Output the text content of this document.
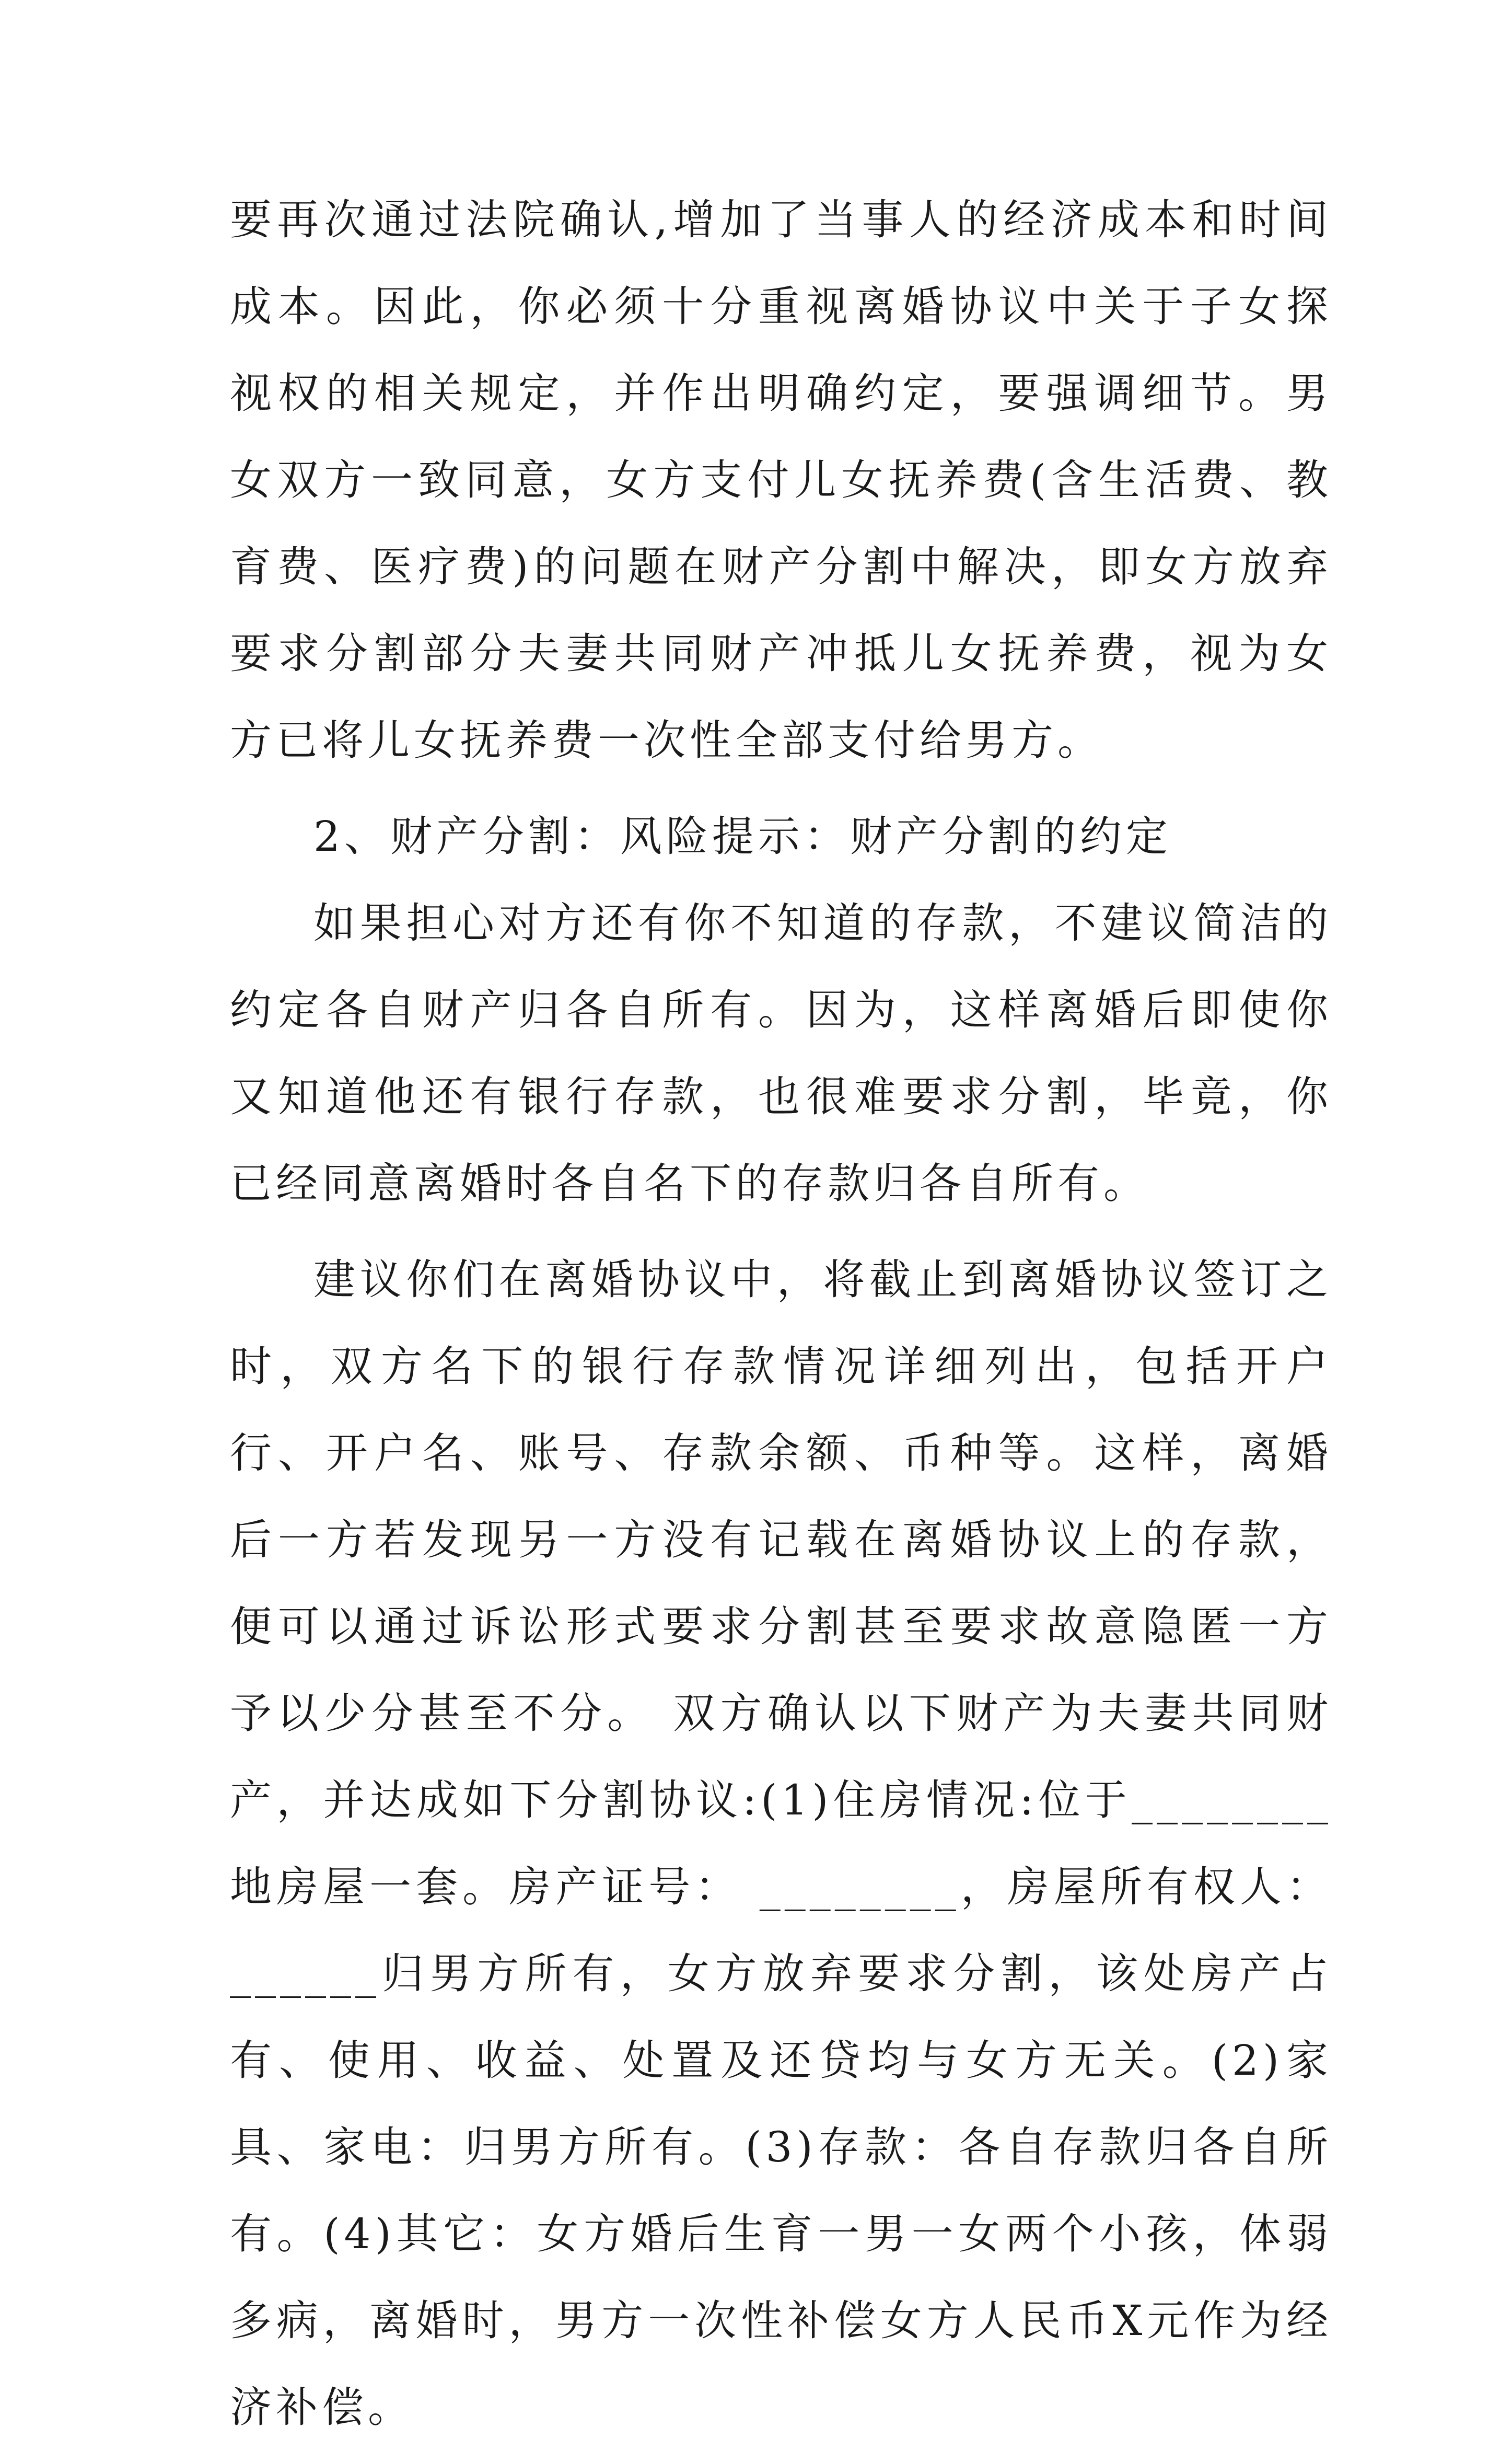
要再次通过法院确认,增加了当事人的经济成本和时间成本。因此，你必须十分重视离婚协议中关于子女探视权的相关规定，并作出明确约定，要强调细节。男女双方一致同意，女方支付儿女抚养费(含生活费、教育费、医疗费)的问题在财产分割中解决，即女方放弃要求分割部分夫妻共同财产冲抵儿女抚养费，视为女方已将儿女抚养费一次性全部支付给男方。

2、财产分割：风险提示：财产分割的约定

如果担心对方还有你不知道的存款，不建议简洁的约定各自财产归各自所有。因为，这样离婚后即使你又知道他还有银行存款，也很难要求分割，毕竟，你已经同意离婚时各自名下的存款归各自所有。

建议你们在离婚协议中，将截止到离婚协议签订之时，双方名下的银行存款情况详细列出，包括开户行、开户名、账号、存款余额、币种等。这样，离婚后一方若发现另一方没有记载在离婚协议上的存款，便可以通过诉讼形式要求分割甚至要求故意隐匿一方予以少分甚至不分。 双方确认以下财产为夫妻共同财产，并达成如下分割协议:(1)住房情况:位于________地房屋一套。房产证号： ________，房屋所有权人：______归男方所有，女方放弃要求分割，该处房产占有、使用、收益、处置及还贷均与女方无关。(2)家具、家电：归男方所有。(3)存款：各自存款归各自所有。(4)其它：女方婚后生育一男一女两个小孩，体弱多病，离婚时，男方一次性补偿女方人民币X元作为经济补偿。
